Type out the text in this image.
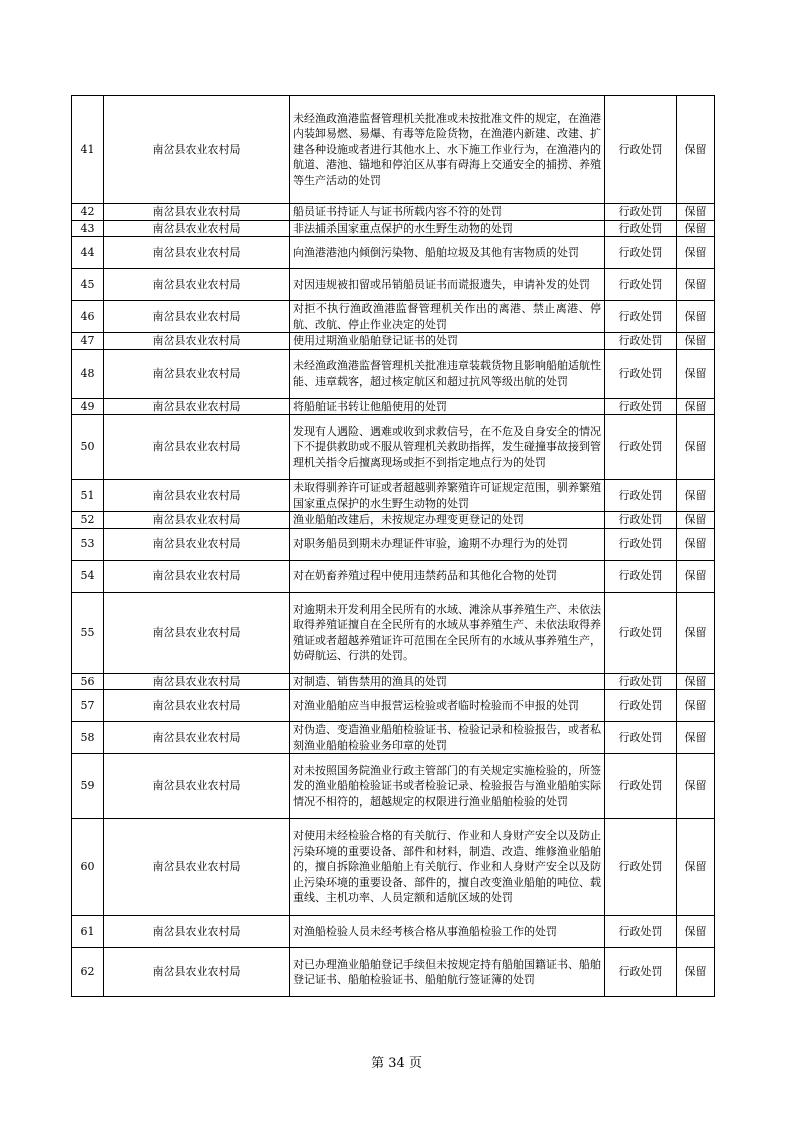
41	南岔县农业农村局	未经渔政渔港监督管理机关批准或未按批准文件的规定，在渔港内装卸易燃、易爆、有毒等危险货物，在渔港内新建、改建、扩建各种设施或者进行其他水上、水下施工作业行为，在渔港内的航道、港池、锚地和停泊区从事有碍海上交通安全的捕捞、养殖等生产活动的处罚	行政处罚	保留
42	南岔县农业农村局	船员证书持证人与证书所载内容不符的处罚	行政处罚	保留
43	南岔县农业农村局	非法捕杀国家重点保护的水生野生动物的处罚	行政处罚	保留
44	南岔县农业农村局	向渔港港池内倾倒污染物、船舶垃圾及其他有害物质的处罚	行政处罚	保留
45	南岔县农业农村局	对因违规被扣留或吊销船员证书而谎报遗失，申请补发的处罚	行政处罚	保留
46	南岔县农业农村局	对拒不执行渔政渔港监督管理机关作出的离港、禁止离港、停航、改航、停止作业决定的处罚	行政处罚	保留
47	南岔县农业农村局	使用过期渔业船舶登记证书的处罚	行政处罚	保留
48	南岔县农业农村局	未经渔政渔港监督管理机关批准违章装载货物且影响船舶适航性能、违章载客，超过核定航区和超过抗风等级出航的处罚	行政处罚	保留
49	南岔县农业农村局	将船舶证书转让他船使用的处罚	行政处罚	保留
50	南岔县农业农村局	发现有人遇险、遇难或收到求救信号，在不危及自身安全的情况下不提供救助或不服从管理机关救助指挥，发生碰撞事故接到管理机关指令后擅离现场或拒不到指定地点行为的处罚	行政处罚	保留
51	南岔县农业农村局	未取得驯养许可证或者超越驯养繁殖许可证规定范围，驯养繁殖国家重点保护的水生野生动物的处罚	行政处罚	保留
52	南岔县农业农村局	渔业船舶改建后，未按规定办理变更登记的处罚	行政处罚	保留
53	南岔县农业农村局	对职务船员到期未办理证件审验，逾期不办理行为的处罚	行政处罚	保留
54	南岔县农业农村局	对在奶畜养殖过程中使用违禁药品和其他化合物的处罚	行政处罚	保留
55	南岔县农业农村局	对逾期未开发利用全民所有的水域、滩涂从事养殖生产、未依法取得养殖证擅自在全民所有的水域从事养殖生产、未依法取得养殖证或者超越养殖证许可范围在全民所有的水域从事养殖生产，妨碍航运、行洪的处罚。	行政处罚	保留
56	南岔县农业农村局	对制造、销售禁用的渔具的处罚	行政处罚	保留
57	南岔县农业农村局	对渔业船舶应当申报营运检验或者临时检验而不申报的处罚	行政处罚	保留
58	南岔县农业农村局	对伪造、变造渔业船舶检验证书、检验记录和检验报告，或者私刻渔业船舶检验业务印章的处罚	行政处罚	保留
59	南岔县农业农村局	对未按照国务院渔业行政主管部门的有关规定实施检验的，所签发的渔业船舶检验证书或者检验记录、检验报告与渔业船舶实际情况不相符的，超越规定的权限进行渔业船舶检验的处罚	行政处罚	保留
60	南岔县农业农村局	对使用未经检验合格的有关航行、作业和人身财产安全以及防止污染环境的重要设备、部件和材料，制造、改造、维修渔业船舶的，擅自拆除渔业船舶上有关航行、作业和人身财产安全以及防止污染环境的重要设备、部件的，擅自改变渔业船舶的吨位、载重线、主机功率、人员定额和适航区域的处罚	行政处罚	保留
61	南岔县农业农村局	对渔船检验人员未经考核合格从事渔船检验工作的处罚	行政处罚	保留
62	南岔县农业农村局	对已办理渔业船舶登记手续但未按规定持有船舶国籍证书、船舶登记证书、船舶检验证书、船舶航行签证簿的处罚	行政处罚	保留
第 34 页
